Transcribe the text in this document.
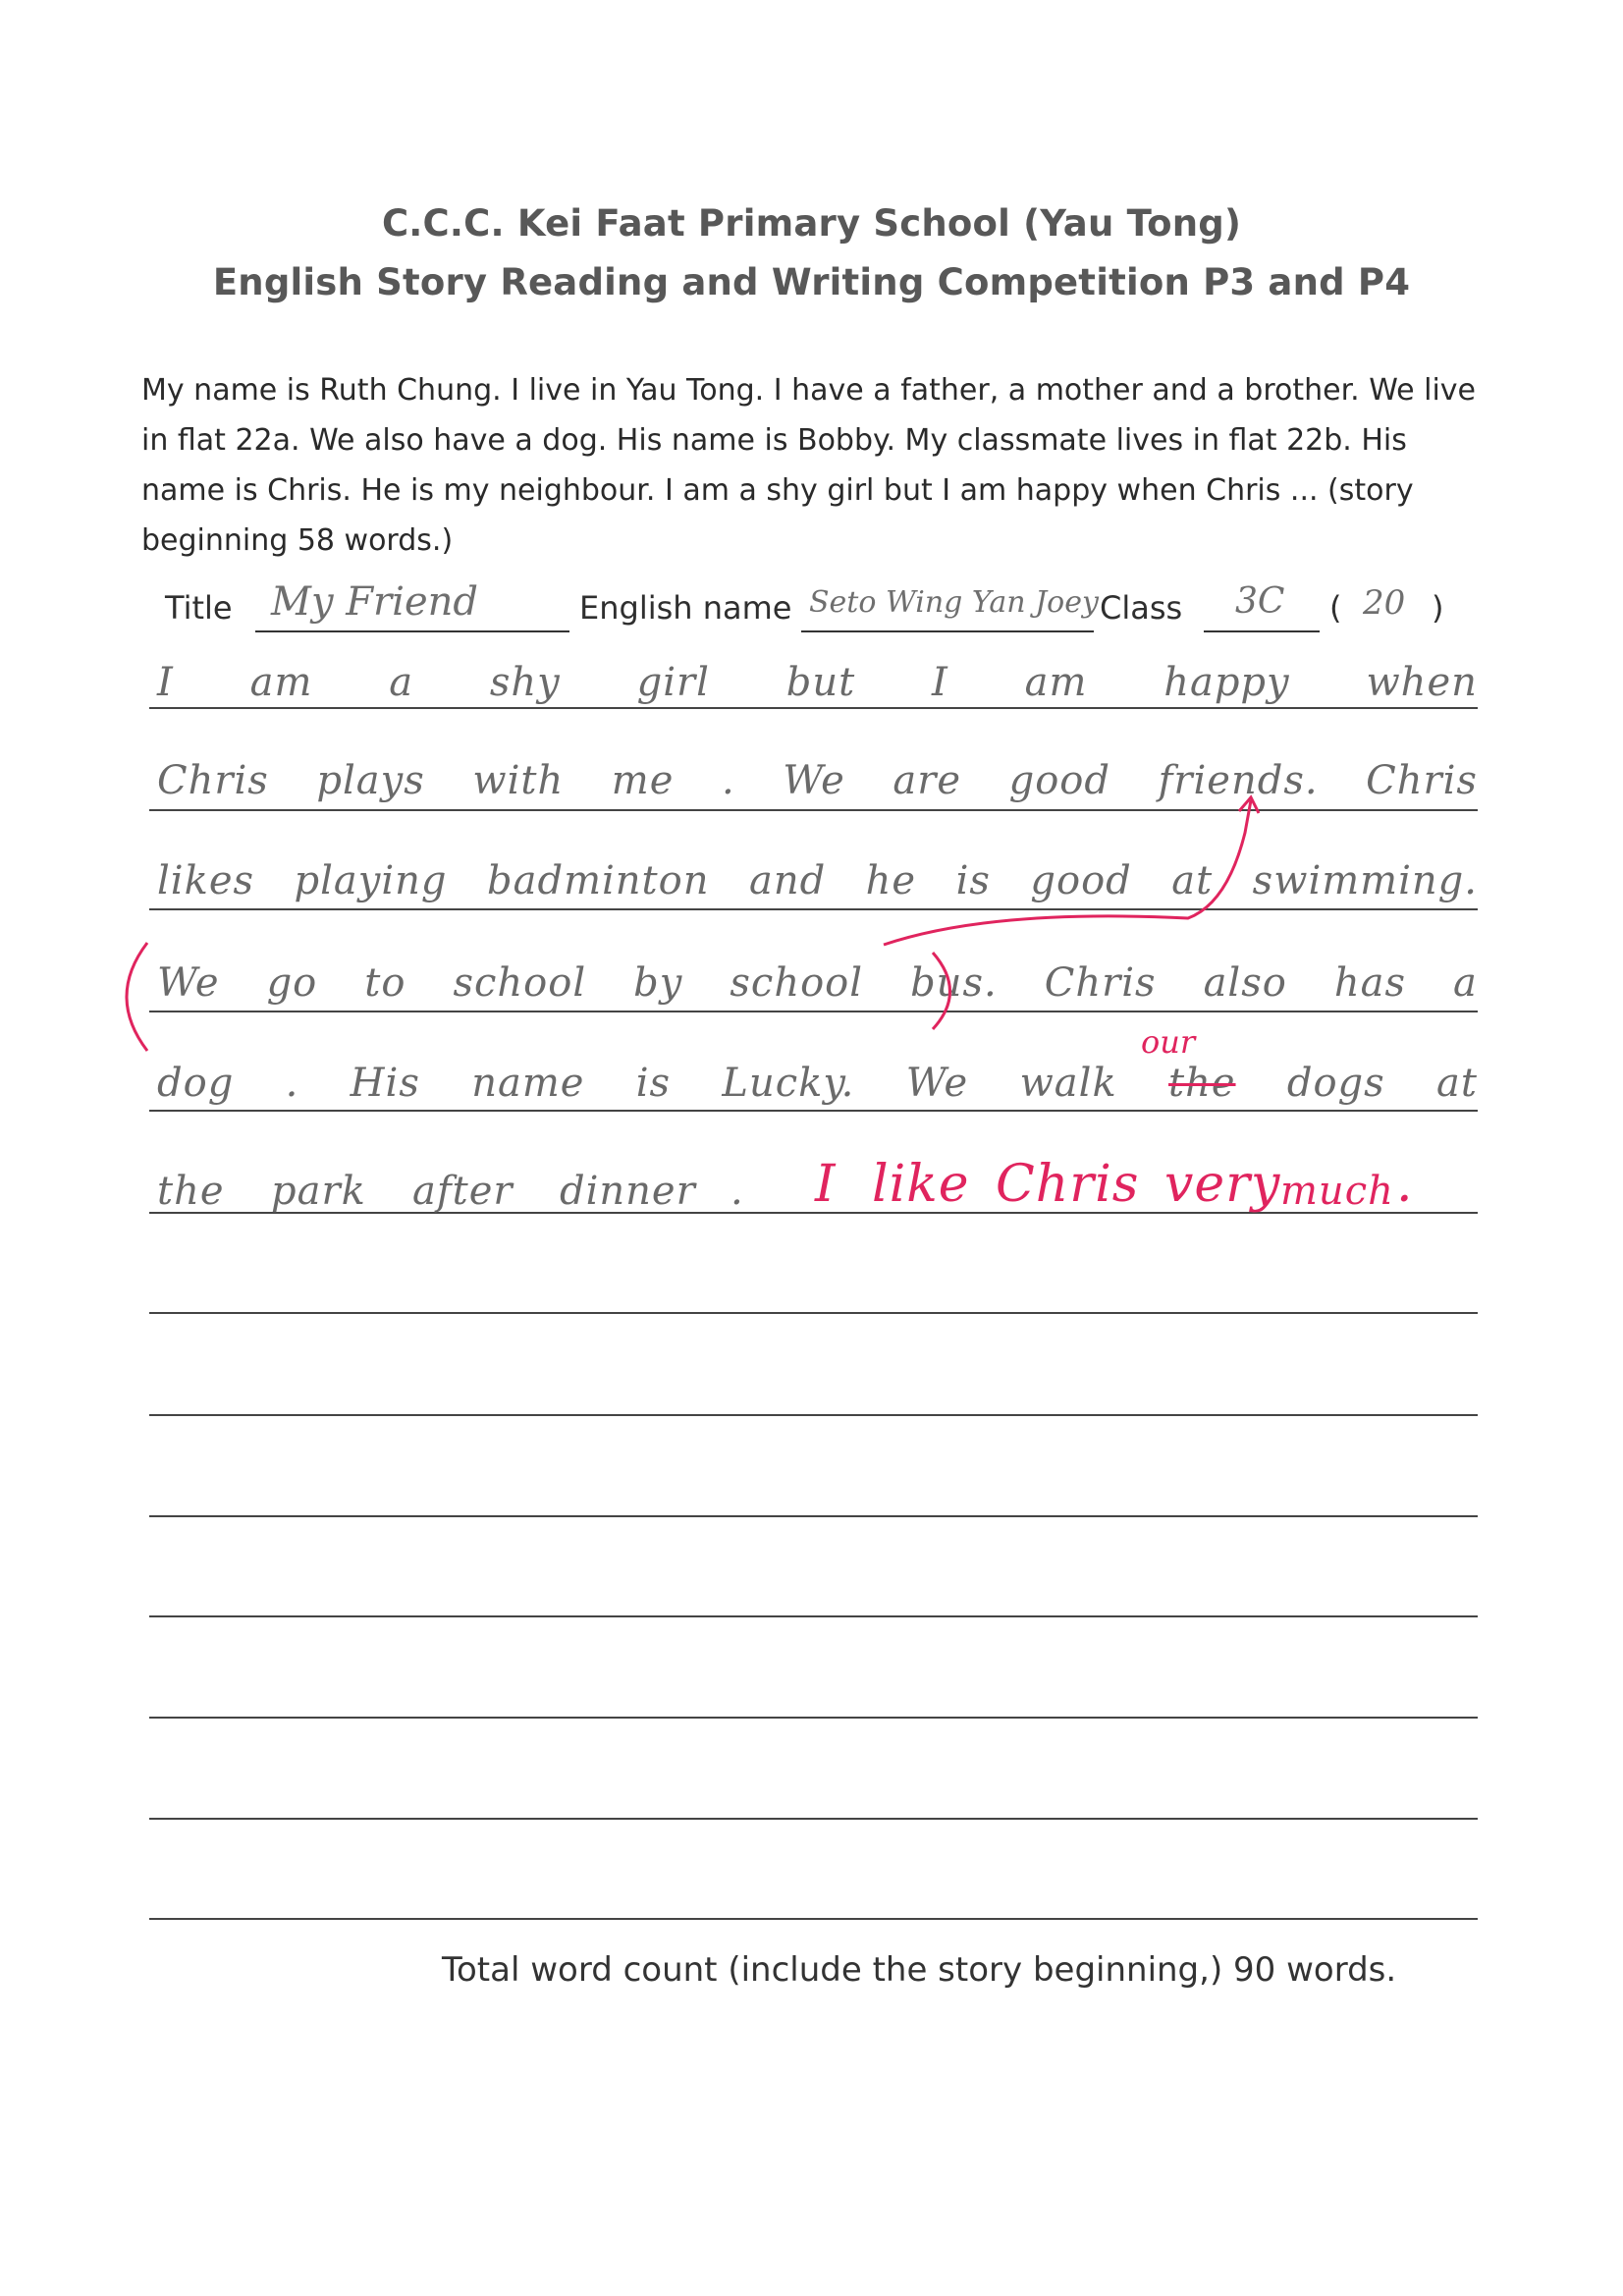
C.C.C. Kei Faat Primary School (Yau Tong)
English Story Reading and Writing Competition P3 and P4
My name is Ruth Chung. I live in Yau Tong. I have a father, a mother and a brother. We live in flat 22a. We also have a dog. His name is Bobby. My classmate lives in flat 22b. His name is Chris. He is my neighbour. I am a shy girl but I am happy when Chris ... (story beginning 58 words.)
Title My Friend	English name Seto Wing Yan Joey Class 3C ( 20 )
I am a shy girl but I am happy when
Chris plays with me . We are good friends. Chris
likes playing badminton and he is good at swimming.
We go to school by school bus. Chris also has a
dog . His name is Lucky. We walk the dogs at
our
the	park	after	dinner .	I like Chris very much .
Total word count (include the story beginning,) 90 words.
